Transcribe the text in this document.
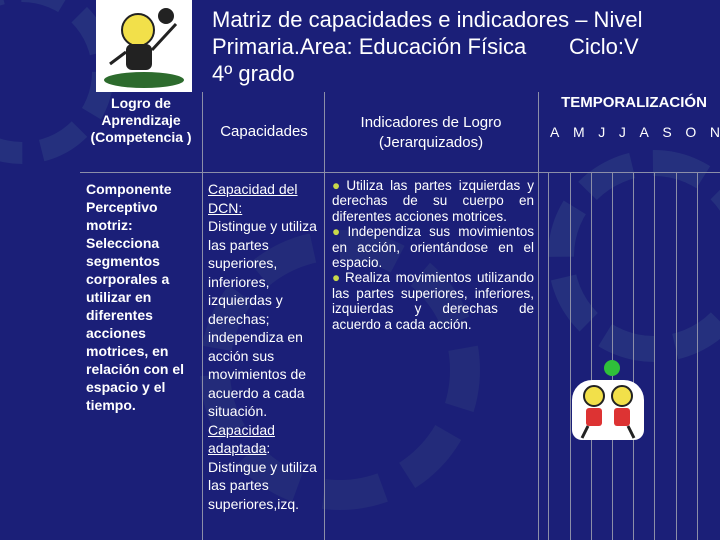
Matriz de capacidades e indicadores – Nivel
Primaria.Area: Educación Física       Ciclo:V
4º grado
Logro de Aprendizaje (Competencia )	Capacidades
Indicadores de Logro
(Jerarquizados)
TEMPORALIZACIÓN
A M J J A S O N
Componente Perceptivo motriz: Selecciona segmentos corporales a utilizar en diferentes acciones motrices, en relación con el espacio y el tiempo.
Capacidad del DCN:
Distingue y utiliza las partes superiores, inferiores, izquierdas y derechas; independiza en acción sus movimientos de acuerdo a cada situación.
Capacidad adaptada:
Distingue y utiliza las partes superiores,izq.

● Utiliza las partes izquierdas y derechas de su cuerpo en diferentes acciones motrices.

● Independiza sus movimientos en acción, orientándose en el espacio.

● Realiza movimientos utilizando las partes superiores, inferiores, izquierdas y derechas de acuerdo a cada acción.
